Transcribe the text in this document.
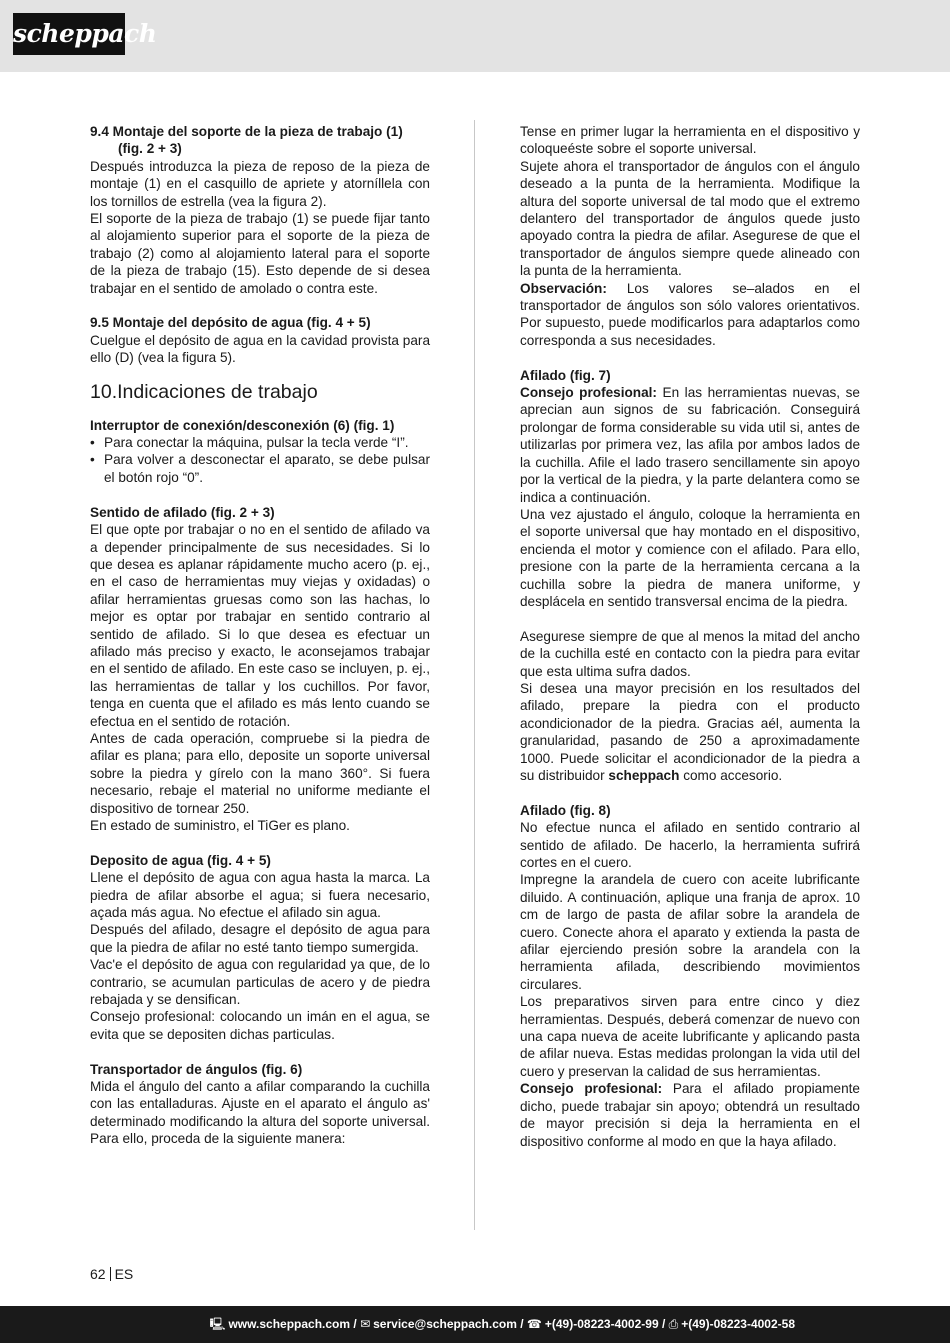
scheppach

9.4 Montaje del soporte de la pieza de trabajo (1)

(fig. 2 + 3)

Después introduzca la pieza de reposo de la pieza de montaje (1) en el casquillo de apriete y atorníllela con los tornillos de estrella (vea la figura 2).

El soporte de la pieza de trabajo (1) se puede fijar tanto al alojamiento superior para el soporte de la pieza de trabajo (2) como al alojamiento lateral para el soporte de la pieza de trabajo (15). Esto depende de si desea trabajar en el sentido de amolado o contra este.

9.5 Montaje del depósito de agua (fig. 4 + 5)

Cuelgue el depósito de agua en la cavidad provista para ello (D) (vea la figura 5).

10.Indicaciones de trabajo

Interruptor de conexión/desconexión (6) (fig. 1)

• Para conectar la máquina, pulsar la tecla verde “I”.

• Para volver a desconectar el aparato, se debe pulsar el botón rojo “0”.

Sentido de afilado (fig. 2 + 3)

El que opte por trabajar o no en el sentido de afilado va a depender principalmente de sus necesidades. Si lo que desea es aplanar rápidamente mucho acero (p. ej., en el caso de herramientas muy viejas y oxidadas) o afilar herramientas gruesas como son las hachas, lo mejor es optar por trabajar en sentido contrario al sentido de afilado. Si lo que desea es efectuar un afilado más preciso y exacto, le aconsejamos trabajar en el sentido de afilado. En este caso se incluyen, p. ej., las herramientas de tallar y los cuchillos. Por favor, tenga en cuenta que el afilado es más lento cuando se efectua en el sentido de rotación.

Antes de cada operación, compruebe si la piedra de afilar es plana; para ello, deposite un soporte universal sobre la piedra y gírelo con la mano 360°. Si fuera necesario, rebaje el material no uniforme mediante el dispositivo de tornear 250.

En estado de suministro, el TiGer es plano.

Deposito de agua (fig. 4 + 5)

Llene el depósito de agua con agua hasta la marca. La piedra de afilar absorbe el agua; si fuera necesario, açada más agua. No efectue el afilado sin agua.

Después del afilado, desagre el depósito de agua para que la piedra de afilar no esté tanto tiempo sumergida.

Vac'e el depósito de agua con regularidad ya que, de lo contrario, se acumulan particulas de acero y de piedra rebajada y se densifican.

Consejo profesional: colocando un imán en el agua, se evita que se depositen dichas particulas.

Transportador de ángulos (fig. 6)

Mida el ángulo del canto a afilar comparando la cuchilla con las entalladuras. Ajuste en el aparato el ángulo as' determinado modificando la altura del soporte universal. Para ello, proceda de la siguiente manera:

Tense en primer lugar la herramienta en el dispositivo y coloqueéste sobre el soporte universal.

Sujete ahora el transportador de ángulos con el ángulo deseado a la punta de la herramienta. Modifique la altura del soporte universal de tal modo que el extremo delantero del transportador de ángulos quede justo apoyado contra la piedra de afilar. Asegurese de que el transportador de ángulos siempre quede alineado con la punta de la herramienta.

Observación: Los valores se–alados en el transportador de ángulos son sólo valores orientativos. Por supuesto, puede modificarlos para adaptarlos como corresponda a sus necesidades.

Afilado (fig. 7)

Consejo profesional: En las herramientas nuevas, se aprecian aun signos de su fabricación. Conseguirá prolongar de forma considerable su vida util si, antes de utilizarlas por primera vez, las afila por ambos lados de la cuchilla. Afile el lado trasero sencillamente sin apoyo por la vertical de la piedra, y la parte delantera como se indica a continuación.

Una vez ajustado el ángulo, coloque la herramienta en el soporte universal que hay montado en el dispositivo, encienda el motor y comience con el afilado. Para ello, presione con la parte de la herramienta cercana a la cuchilla sobre la piedra de manera uniforme, y desplácela en sentido transversal encima de la piedra.

Asegurese siempre de que al menos la mitad del ancho de la cuchilla esté en contacto con la piedra para evitar que esta ultima sufra dados.

Si desea una mayor precisión en los resultados del afilado, prepare la piedra con el producto acondicionador de la piedra. Gracias aél, aumenta la granularidad, pasando de 250 a aproximadamente 1000. Puede solicitar el acondicionador de la piedra a su distribuidor scheppach como accesorio.

Afilado (fig. 8)

No efectue nunca el afilado en sentido contrario al sentido de afilado. De hacerlo, la herramienta sufrirá cortes en el cuero.

Impregne la arandela de cuero con aceite lubrificante diluido. A continuación, aplique una franja de aprox. 10 cm de largo de pasta de afilar sobre la arandela de cuero. Conecte ahora el aparato y extienda la pasta de afilar ejerciendo presión sobre la arandela con la herramienta afilada, describiendo movimientos circulares.

Los preparativos sirven para entre cinco y diez herramientas. Después, deberá comenzar de nuevo con una capa nueva de aceite lubrificante y aplicando pasta de afilar nueva. Estas medidas prolongan la vida util del cuero y preservan la calidad de sus herramientas.

Consejo profesional: Para el afilado propiamente dicho, puede trabajar sin apoyo; obtendrá un resultado de mayor precisión si deja la herramienta en el dispositivo conforme al modo en que la haya afilado.

62 ES
🖳 www.scheppach.com / ✉ service@scheppach.com / ☎ +(49)-08223-4002-99 / ⎙ +(49)-08223-4002-58
